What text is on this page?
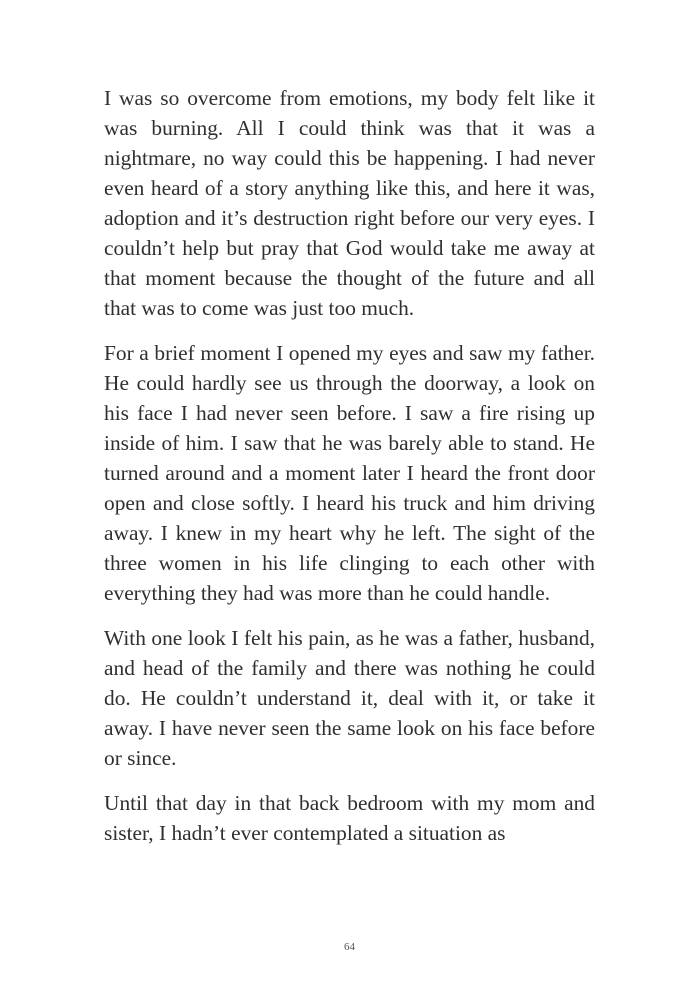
I was so overcome from emotions, my body felt like it was burning. All I could think was that it was a nightmare, no way could this be happening. I had never even heard of a story anything like this, and here it was, adoption and it’s destruction right before our very eyes. I couldn’t help but pray that God would take me away at that moment because the thought of the future and all that was to come was just too much.

For a brief moment I opened my eyes and saw my father. He could hardly see us through the doorway, a look on his face I had never seen before. I saw a fire rising up inside of him. I saw that he was barely able to stand. He turned around and a moment later I heard the front door open and close softly. I heard his truck and him driving away. I knew in my heart why he left. The sight of the three women in his life clinging to each other with everything they had was more than he could handle.

With one look I felt his pain, as he was a father, husband, and head of the family and there was nothing he could do. He couldn’t understand it, deal with it, or take it away. I have never seen the same look on his face before or since.

Until that day in that back bedroom with my mom and sister, I hadn’t ever contemplated a situation as

64
